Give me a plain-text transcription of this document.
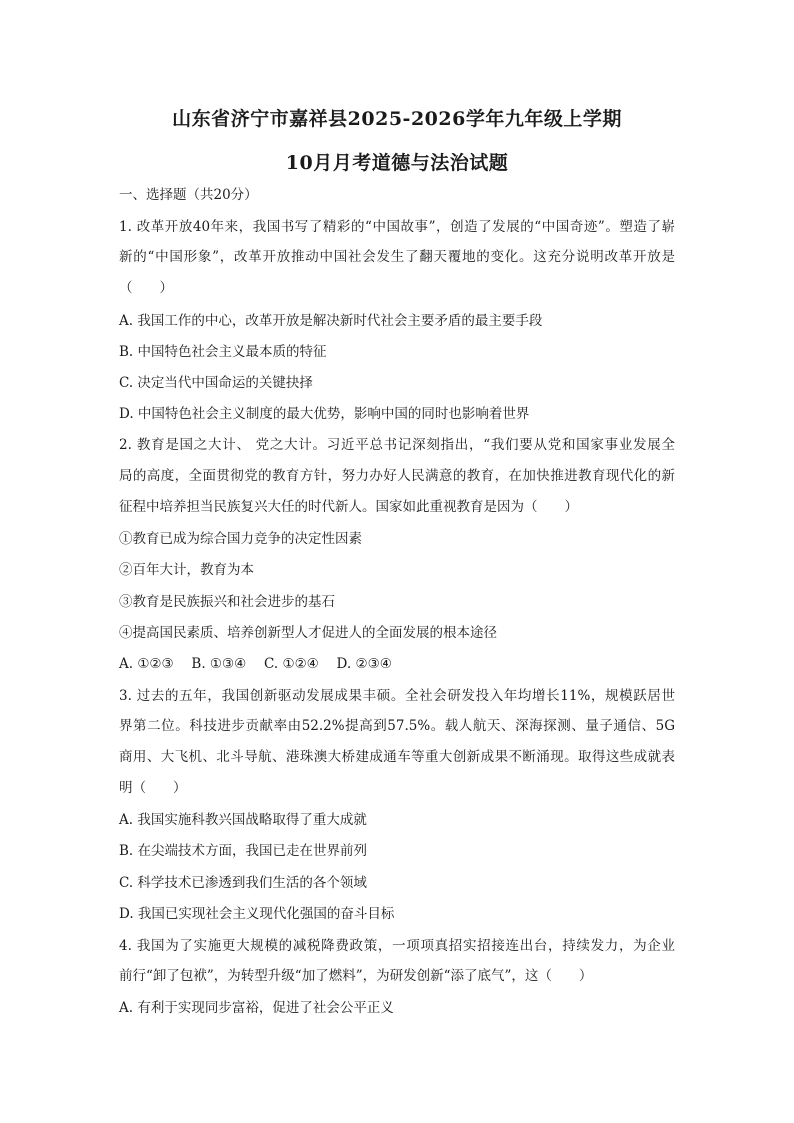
山东省济宁市嘉祥县2025-2026学年九年级上学期
10月月考道德与法治试题
一、选择题（共20分）
1. 改革开放40年来，我国书写了精彩的“中国故事”，创造了发展的“中国奇迹”。塑造了崭
新的“中国形象”，改革开放推动中国社会发生了翻天覆地的变化。这充分说明改革开放是
（　　）
A. 我国工作的中心，改革开放是解决新时代社会主要矛盾的最主要手段
B. 中国特色社会主义最本质的特征
C. 决定当代中国命运的关键抉择
D. 中国特色社会主义制度的最大优势，影响中国的同时也影响着世界
2. 教育是国之大计、 党之大计。习近平总书记深刻指出，“我们要从党和国家事业发展全
局的高度，全面贯彻党的教育方针，努力办好人民满意的教育，在加快推进教育现代化的新
征程中培养担当民族复兴大任的时代新人。国家如此重视教育是因为（　　）
①教育已成为综合国力竞争的决定性因素
②百年大计，教育为本
③教育是民族振兴和社会进步的基石
④提高国民素质、培养创新型人才促进人的全面发展的根本途径
A. ①②③　 B. ①③④　 C. ①②④　 D. ②③④
3. 过去的五年，我国创新驱动发展成果丰硕。全社会研发投入年均增长11%，规模跃居世
界第二位。科技进步贡献率由52.2%提高到57.5%。载人航天、深海探测、量子通信、5G
商用、大飞机、北斗导航、港珠澳大桥建成通车等重大创新成果不断涌现。取得这些成就表
明（　　）
A. 我国实施科教兴国战略取得了重大成就
B. 在尖端技术方面，我国已走在世界前列
C. 科学技术已渗透到我们生活的各个领域
D. 我国已实现社会主义现代化强国的奋斗目标
4. 我国为了实施更大规模的减税降费政策，一项项真招实招接连出台，持续发力，为企业
前行“卸了包袱”，为转型升级“加了燃料”，为研发创新“添了底气”，这（　　）
A. 有利于实现同步富裕，促进了社会公平正义
